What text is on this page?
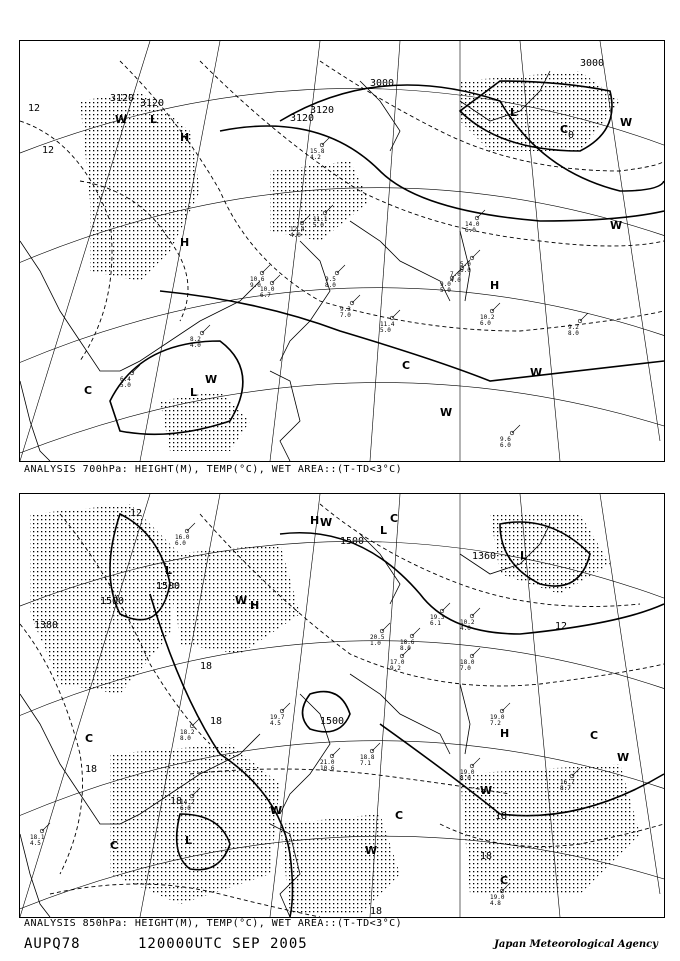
3120 3120
3000
3000
3120
3120
12
12
0
H
L
L
W
W
H
W
H
C
W
C	L
W
W
C
10.2
6.0
9.2
8.0
9.6
6.0
11.4
5.0
9.3
7.0
10.0
6.7
9.0
5.0
7.0
4.0
14.0
6.0
5.0
6.0
12.4
4.0
15.8
4.2
11.1
5.0
9.5
8.0
10.6
9.0
8.2
4.0
6.4
5.0
ANALYSIS 700hPa: HEIGHT(M), TEMP(°C), WET AREA::(T-TD<3°C)
1500
1500
1500
1500
1360
1380
12
12
18
18
18
18
18
18
18
H
L
L
L
H
W
C
W
C
W
H
C
W
L
C
W
C
W
C
19.0
8.0
19.0
4.8
16.7
8.7
19.0
7.2
10.2
4.0
18.0
7.0
20.5
1.0	18.6
8.0
19.3
6.1
17.0
9.2
18.2
8.0
16.0
6.0
18.1
4.5
14.2
6.0
21.0
10.6
18.8
7.1
19.7
4.5
ANALYSIS 850hPa: HEIGHT(M), TEMP(°C), WET AREA::(T-TD<3°C)
AUPQ78	120000UTC SEP 2005	Japan Meteorological Agency
